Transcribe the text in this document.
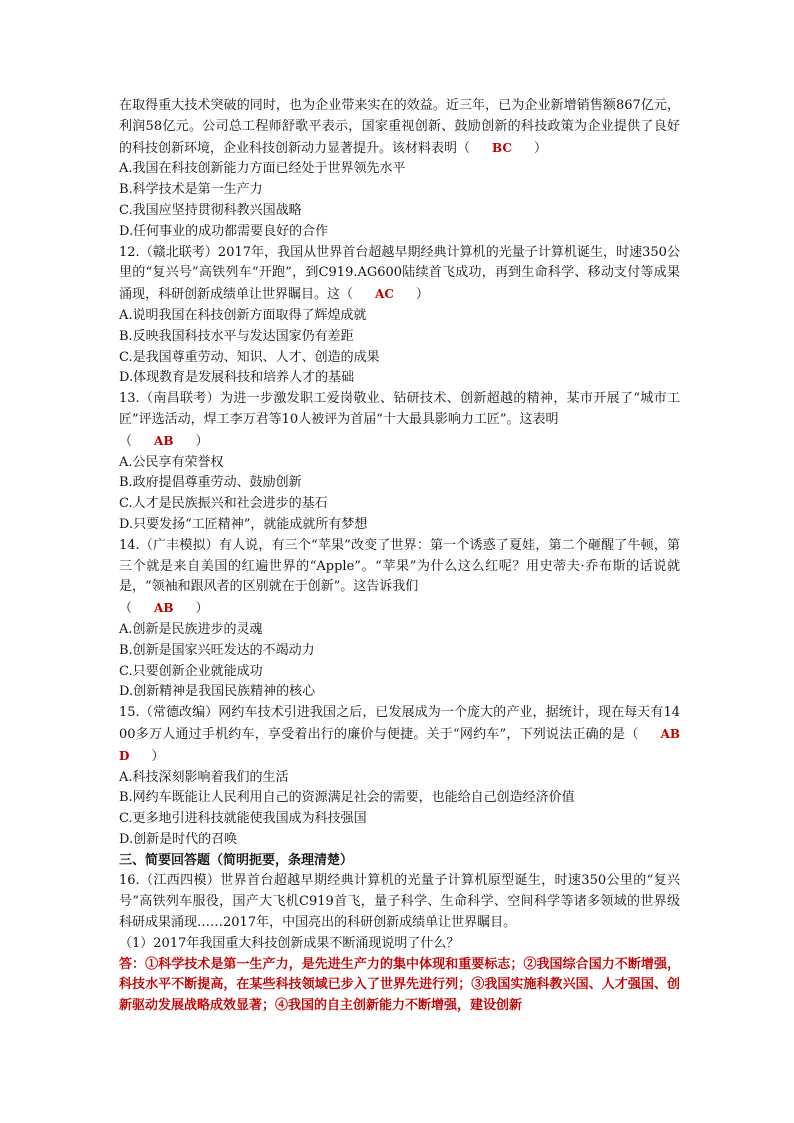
在取得重大技术突破的同时，也为企业带来实在的效益。近三年，已为企业新增销售额867亿元，利润58亿元。公司总工程师舒歌平表示，国家重视创新、鼓励创新的科技政策为企业提供了良好的科技创新环境，企业科技创新动力显著提升。该材料表明（ BC ）

A.我国在科技创新能力方面已经处于世界领先水平

B.科学技术是第一生产力

C.我国应坚持贯彻科教兴国战略

D.任何事业的成功都需要良好的合作

12.（赣北联考）2017年，我国从世界首台超越早期经典计算机的光量子计算机诞生，时速350公里的“复兴号”高铁列车“开跑”，到C919.AG600陆续首飞成功，再到生命科学、移动支付等成果涌现，科研创新成绩单让世界瞩目。这（ AC ）

A.说明我国在科技创新方面取得了辉煌成就

B.反映我国科技水平与发达国家仍有差距

C.是我国尊重劳动、知识、人才、创造的成果

D.体现教育是发展科技和培养人才的基础

13.（南昌联考）为进一步激发职工爱岗敬业、钻研技术、创新超越的精神，某市开展了“城市工匠”评选活动，焊工李万君等10人被评为首届“十大最具影响力工匠”。这表明

（ AB ）

A.公民享有荣誉权

B.政府提倡尊重劳动、鼓励创新

C.人才是民族振兴和社会进步的基石

D.只要发扬“工匠精神”，就能成就所有梦想

14.（广丰模拟）有人说，有三个“苹果”改变了世界：第一个诱惑了夏娃，第二个砸醒了牛顿，第三个就是来自美国的红遍世界的“Apple”。“苹果”为什么这么红呢？用史蒂夫·乔布斯的话说就是，“领袖和跟风者的区别就在于创新”。这告诉我们

（ AB ）

A.创新是民族进步的灵魂

B.创新是国家兴旺发达的不竭动力

C.只要创新企业就能成功

D.创新精神是我国民族精神的核心

15.（常德改编）网约车技术引进我国之后，已发展成为一个庞大的产业，据统计，现在每天有1400多万人通过手机约车，享受着出行的廉价与便捷。关于“网约车”，下列说法正确的是（ ABD ）

A.科技深刻影响着我们的生活

B.网约车既能让人民利用自己的资源满足社会的需要，也能给自己创造经济价值

C.更多地引进科技就能使我国成为科技强国

D.创新是时代的召唤

三、简要回答题（简明扼要，条理清楚）

16.（江西四模）世界首台超越早期经典计算机的光量子计算机原型诞生，时速350公里的“复兴号”高铁列车服役，国产大飞机C919首飞，量子科学、生命科学、空间科学等诸多领域的世界级科研成果涌现……2017年，中国亮出的科研创新成绩单让世界瞩目。

（1）2017年我国重大科技创新成果不断涌现说明了什么？

答：①科学技术是第一生产力，是先进生产力的集中体现和重要标志；②我国综合国力不断增强，科技水平不断提高，在某些科技领域已步入了世界先进行列；③我国实施科教兴国、人才强国、创新驱动发展战略成效显著；④我国的自主创新能力不断增强，建设创新
